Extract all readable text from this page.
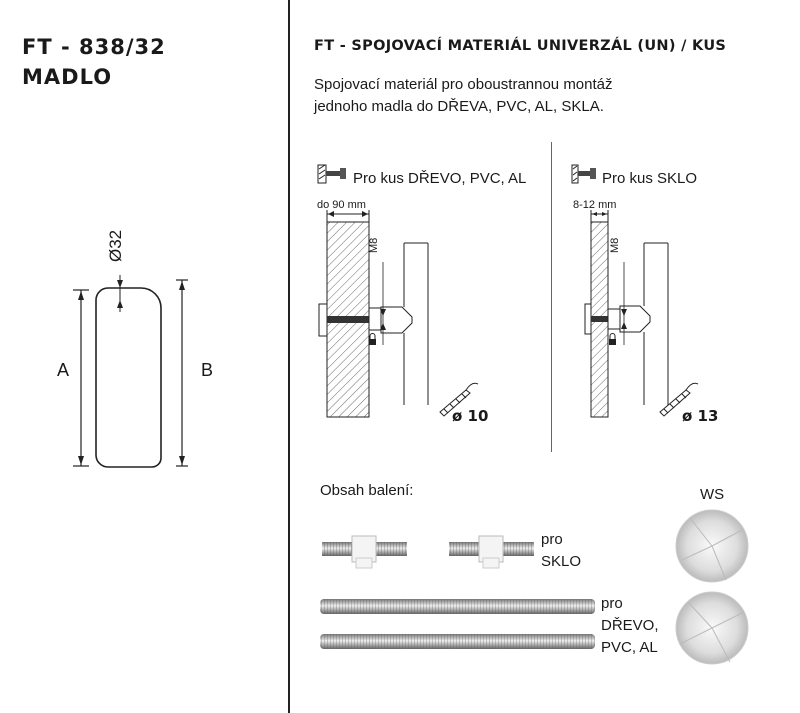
FT - 838/32
MADLO
Ø32
A	B
FT - SPOJOVACÍ MATERIÁL UNIVERZÁL (UN) / KUS
Spojovací materiál pro oboustrannou montáž
jednoho madla do DŘEVA, PVC, AL, SKLA.
Pro kus DŘEVO, PVC, AL
do 90 mm
M8
ø 10
Pro kus SKLO
8-12 mm
M8
ø 13
Obsah balení:	WS
pro
SKLO
pro
DŘEVO,
PVC, AL
